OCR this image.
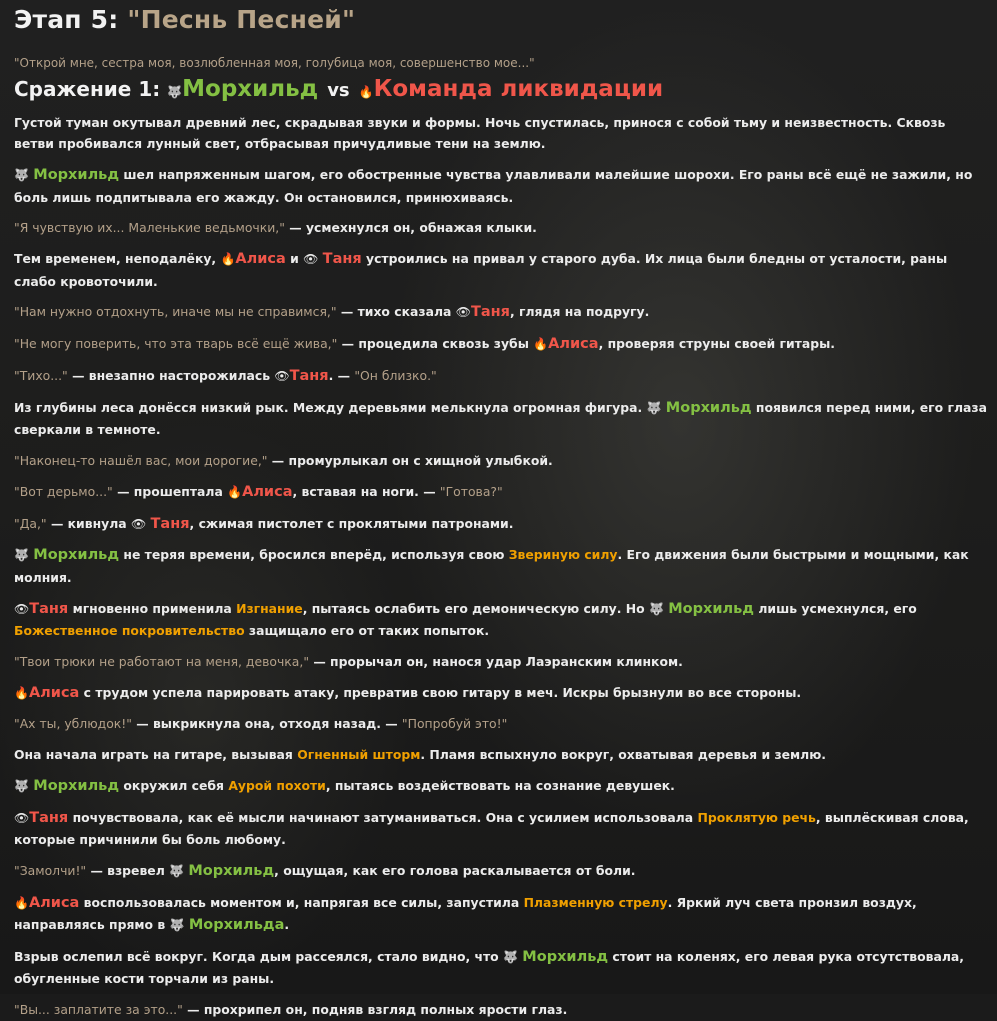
Этап 5: "Песнь Песней"
"Открой мне, сестра моя, возлюбленная моя, голубица моя, совершенство мое..."
Сражение 1: 🐺Морхильд vs 🔥Команда ликвидации

Густой туман окутывал древний лес, скрадывая звуки и формы. Ночь спустилась, принося с собой тьму и неизвестность. Сквозь ветви пробивался лунный свет, отбрасывая причудливые тени на землю.

🐺 Морхильд шел напряженным шагом, его обостренные чувства улавливали малейшие шорохи. Его раны всё ещё не зажили, но боль лишь подпитывала его жажду. Он остановился, принюхиваясь.

"Я чувствую их... Маленькие ведьмочки," — усмехнулся он, обнажая клыки.

Тем временем, неподалёку, 🔥Алиса и 👁 Таня устроились на привал у старого дуба. Их лица были бледны от усталости, раны слабо кровоточили.

"Нам нужно отдохнуть, иначе мы не справимся," — тихо сказала 👁Таня, глядя на подругу.

"Не могу поверить, что эта тварь всё ещё жива," — процедила сквозь зубы 🔥Алиса, проверяя струны своей гитары.

"Тихо..." — внезапно насторожилась 👁Таня. — "Он близко."

Из глубины леса донёсся низкий рык. Между деревьями мелькнула огромная фигура. 🐺 Морхильд появился перед ними, его глаза сверкали в темноте.

"Наконец-то нашёл вас, мои дорогие," — промурлыкал он с хищной улыбкой.

"Вот дерьмо..." — прошептала 🔥Алиса, вставая на ноги. — "Готова?"

"Да," — кивнула 👁 Таня, сжимая пистолет с проклятыми патронами.

🐺 Морхильд не теряя времени, бросился вперёд, используя свою Звериную силу. Его движения были быстрыми и мощными, как молния.

👁Таня мгновенно применила Изгнание, пытаясь ослабить его демоническую силу. Но 🐺 Морхильд лишь усмехнулся, его Божественное покровительство защищало его от таких попыток.

"Твои трюки не работают на меня, девочка," — прорычал он, нанося удар Лаэранским клинком.

🔥Алиса с трудом успела парировать атаку, превратив свою гитару в меч. Искры брызнули во все стороны.

"Ах ты, ублюдок!" — выкрикнула она, отходя назад. — "Попробуй это!"

Она начала играть на гитаре, вызывая Огненный шторм. Пламя вспыхнуло вокруг, охватывая деревья и землю.

🐺 Морхильд окружил себя Аурой похоти, пытаясь воздействовать на сознание девушек.

👁Таня почувствовала, как её мысли начинают затуманиваться. Она с усилием использовала Проклятую речь, выплёскивая слова, которые причинили бы боль любому.

"Замолчи!" — взревел 🐺 Морхильд, ощущая, как его голова раскалывается от боли.

🔥Алиса воспользовалась моментом и, напрягая все силы, запустила Плазменную стрелу. Яркий луч света пронзил воздух, направляясь прямо в 🐺 Морхильда.

Взрыв ослепил всё вокруг. Когда дым рассеялся, стало видно, что 🐺 Морхильд стоит на коленях, его левая рука отсутствовала, обугленные кости торчали из раны.

"Вы... заплатите за это..." — прохрипел он, подняв взгляд полных ярости глаз.
